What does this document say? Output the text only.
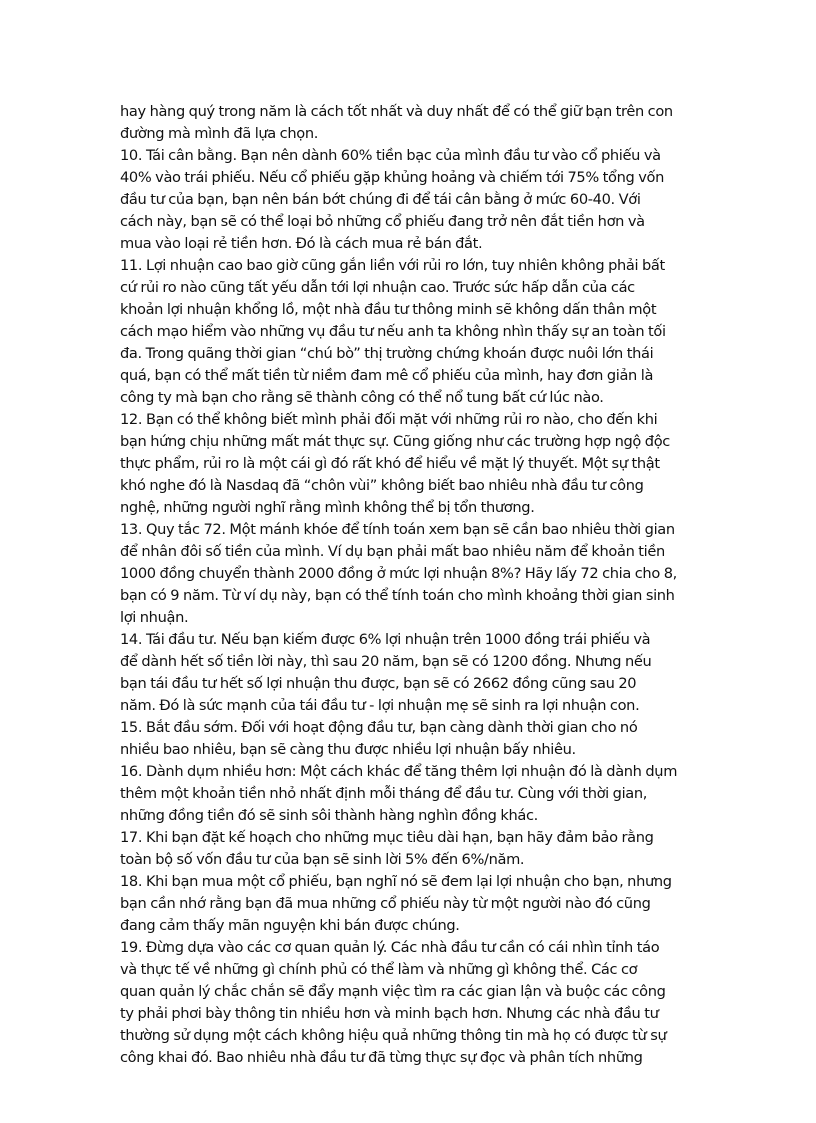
hay hàng quý trong năm là cách tốt nhất và duy nhất để có thể giữ bạn trên con
đường mà mình đã lựa chọn.
10. Tái cân bằng. Bạn nên dành 60% tiền bạc của mình đầu tư vào cổ phiếu và
40% vào trái phiếu. Nếu cổ phiếu gặp khủng hoảng và chiếm tới 75% tổng vốn
đầu tư của bạn, bạn nên bán bớt chúng đi để tái cân bằng ở mức 60-40. Với
cách này, bạn sẽ có thể loại bỏ những cổ phiếu đang trở nên đắt tiền hơn và
mua vào loại rẻ tiền hơn. Đó là cách mua rẻ bán đắt.
11. Lợi nhuận cao bao giờ cũng gắn liền với rủi ro lớn, tuy nhiên không phải bất
cứ rủi ro nào cũng tất yếu dẫn tới lợi nhuận cao. Trước sức hấp dẫn của các
khoản lợi nhuận khổng lồ, một nhà đầu tư thông minh sẽ không dấn thân một
cách mạo hiểm vào những vụ đầu tư nếu anh ta không nhìn thấy sự an toàn tối
đa. Trong quãng thời gian “chú bò” thị trường chứng khoán được nuôi lớn thái
quá, bạn có thể mất tiền từ niềm đam mê cổ phiếu của mình, hay đơn giản là
công ty mà bạn cho rằng sẽ thành công có thể nổ tung bất cứ lúc nào.
12. Bạn có thể không biết mình phải đối mặt với những rủi ro nào, cho đến khi
bạn hứng chịu những mất mát thực sự. Cũng giống như các trường hợp ngộ độc
thực phẩm, rủi ro là một cái gì đó rất khó để hiểu về mặt lý thuyết. Một sự thật
khó nghe đó là Nasdaq đã “chôn vùi” không biết bao nhiêu nhà đầu tư công
nghệ, những người nghĩ rằng mình không thể bị tổn thương.
13. Quy tắc 72. Một mánh khóe để tính toán xem bạn sẽ cần bao nhiêu thời gian
để nhân đôi số tiền của mình. Ví dụ bạn phải mất bao nhiêu năm để khoản tiền
1000 đồng chuyển thành 2000 đồng ở mức lợi nhuận 8%? Hãy lấy 72 chia cho 8,
bạn có 9 năm. Từ ví dụ này, bạn có thể tính toán cho mình khoảng thời gian sinh
lợi nhuận.
14. Tái đầu tư. Nếu bạn kiếm được 6% lợi nhuận trên 1000 đồng trái phiếu và
để dành hết số tiền lời này, thì sau 20 năm, bạn sẽ có 1200 đồng. Nhưng nếu
bạn tái đầu tư hết số lợi nhuận thu được, bạn sẽ có 2662 đồng cũng sau 20
năm. Đó là sức mạnh của tái đầu tư - lợi nhuận mẹ sẽ sinh ra lợi nhuận con.
15. Bắt đầu sớm. Đối với hoạt động đầu tư, bạn càng dành thời gian cho nó
nhiều bao nhiêu, bạn sẽ càng thu được nhiều lợi nhuận bấy nhiêu.
16. Dành dụm nhiều hơn: Một cách khác để tăng thêm lợi nhuận đó là dành dụm
thêm một khoản tiền nhỏ nhất định mỗi tháng để đầu tư. Cùng với thời gian,
những đồng tiền đó sẽ sinh sôi thành hàng nghìn đồng khác.
17. Khi bạn đặt kế hoạch cho những mục tiêu dài hạn, bạn hãy đảm bảo rằng
toàn bộ số vốn đầu tư của bạn sẽ sinh lời 5% đến 6%/năm.
18. Khi bạn mua một cổ phiếu, bạn nghĩ nó sẽ đem lại lợi nhuận cho bạn, nhưng
bạn cần nhớ rằng bạn đã mua những cổ phiếu này từ một người nào đó cũng
đang cảm thấy mãn nguyện khi bán được chúng.
19. Đừng dựa vào các cơ quan quản lý. Các nhà đầu tư cần có cái nhìn tỉnh táo
và thực tế về những gì chính phủ có thể làm và những gì không thể. Các cơ
quan quản lý chắc chắn sẽ đẩy mạnh việc tìm ra các gian lận và buộc các công
ty phải phơi bày thông tin nhiều hơn và minh bạch hơn. Nhưng các nhà đầu tư
thường sử dụng một cách không hiệu quả những thông tin mà họ có được từ sự
công khai đó. Bao nhiêu nhà đầu tư đã từng thực sự đọc và phân tích những
